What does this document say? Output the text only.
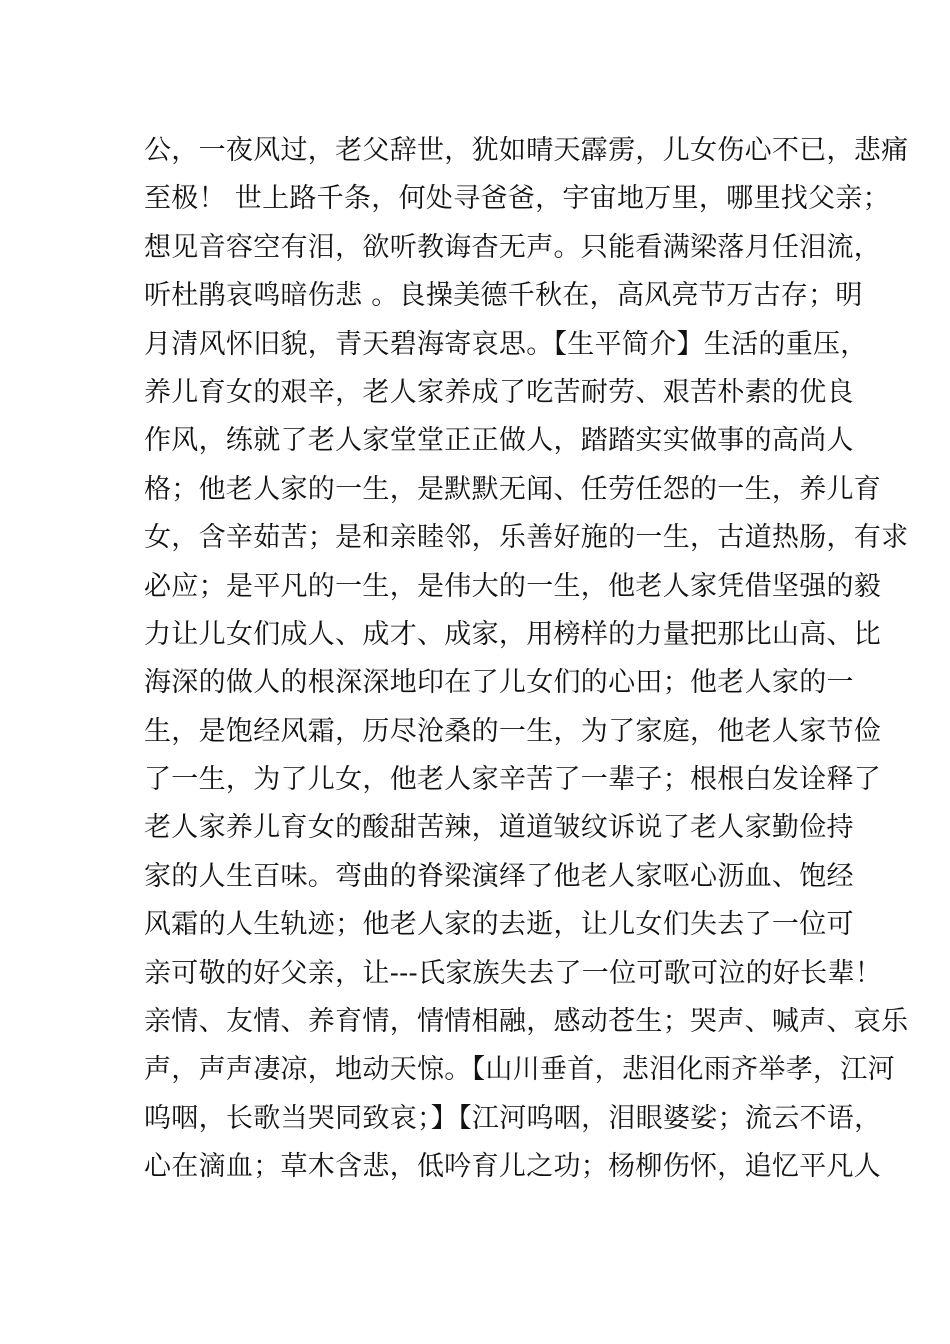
公，一夜风过，老父辞世，犹如晴天霹雳，儿女伤心不已，悲痛
至极！ 世上路千条，何处寻爸爸，宇宙地万里，哪里找父亲；
想见音容空有泪，欲听教诲杳无声。只能看满梁落月任泪流，
听杜鹃哀鸣暗伤悲 。良操美德千秋在，高风亮节万古存；明
月清风怀旧貌，青天碧海寄哀思。【生平简介】生活的重压，
养儿育女的艰辛，老人家养成了吃苦耐劳、艰苦朴素的优良
作风，练就了老人家堂堂正正做人，踏踏实实做事的高尚人
格；他老人家的一生，是默默无闻、任劳任怨的一生，养儿育
女，含辛茹苦；是和亲睦邻，乐善好施的一生，古道热肠，有求
必应；是平凡的一生，是伟大的一生，他老人家凭借坚强的毅
力让儿女们成人、成才、成家，用榜样的力量把那比山高、比
海深的做人的根深深地印在了儿女们的心田；他老人家的一
生，是饱经风霜，历尽沧桑的一生，为了家庭，他老人家节俭
了一生，为了儿女，他老人家辛苦了一辈子；根根白发诠释了
老人家养儿育女的酸甜苦辣，道道皱纹诉说了老人家勤俭持
家的人生百味。弯曲的脊梁演绎了他老人家呕心沥血、饱经
风霜的人生轨迹；他老人家的去逝，让儿女们失去了一位可
亲可敬的好父亲，让---氏家族失去了一位可歌可泣的好长辈！
亲情、友情、养育情，情情相融，感动苍生；哭声、喊声、哀乐
声，声声凄凉，地动天惊。【山川垂首，悲泪化雨齐举孝，江河
呜咽，长歌当哭同致哀；】【江河呜咽，泪眼婆娑；流云不语，
心在滴血；草木含悲，低吟育儿之功；杨柳伤怀，追忆平凡人
